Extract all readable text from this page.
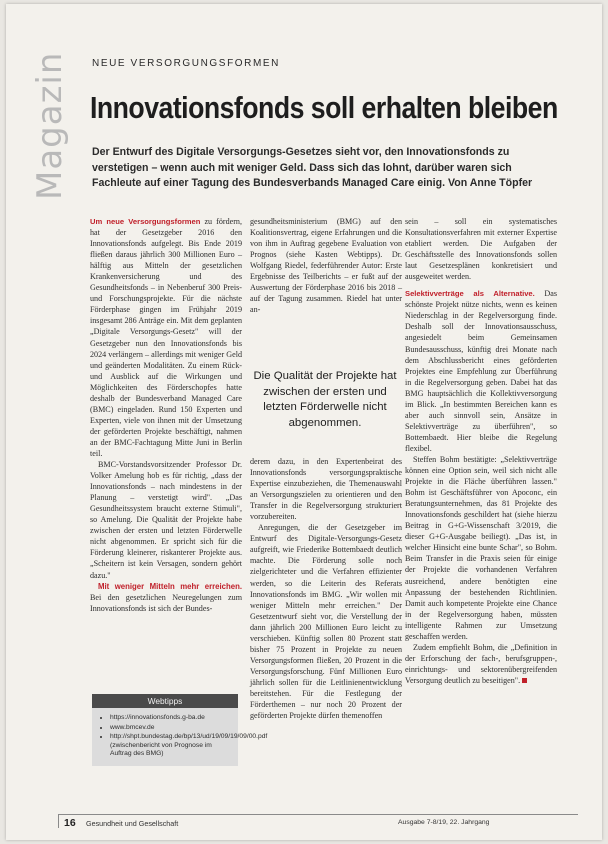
Magazin NEUE VERSORGUNGSFORMEN
Innovationsfonds soll erhalten bleiben
Der Entwurf des Digitale Versorgungs-Gesetzes sieht vor, den Innovationsfonds zu verstetigen – wenn auch mit weniger Geld. Dass sich das lohnt, darüber waren sich Fachleute auf einer Tagung des Bundesverbands Managed Care einig. Von Anne Töpfer

Um neue Versorgungsformen zu fördern, hat der Gesetzgeber 2016 den Innovationsfonds aufgelegt. Bis Ende 2019 fließen daraus jährlich 300 Millionen Euro – hälftig aus Mitteln der gesetzlichen Krankenversicherung und des Gesundheitsfonds – in Nebenberuf 300 Preis- und Forschungsprojekte. Für die nächste Förderphase gingen im Frühjahr 2019 insgesamt 286 Anträge ein. Mit dem geplanten „Digitale Versorgungs-Gesetz" will der Gesetzgeber nun den Innovationsfonds bis 2024 verlängern – allerdings mit weniger Geld und geänderten Modalitäten. Zu einem Rück- und Ausblick auf die Wirkungen und Möglichkeiten des Förderschopfes hatte deshalb der Bundesverband Managed Care (BMC) eingeladen. Rund 150 Experten und Experten, viele von ihnen mit der Umsetzung der geförderten Projekte beschäftigt, nahmen an der BMC-Fachtagung Mitte Juni in Berlin teil.

BMC-Vorstandsvorsitzender Professor Dr. Volker Amelung hob es für richtig, „dass der Innovationsfonds – nach mindestens in der Planung – verstetigt wird". „Das Gesundheitssystem braucht externe Stimuli", so Amelung. Die Qualität der Projekte habe zwischen der ersten und letzten Förderwelle nicht abgenommen. Er spricht sich für die Förderung kleinerer, riskanterer Projekte aus. „Scheitern ist kein Versagen, sondern gehört dazu."

Mit weniger Mitteln mehr erreichen. Bei den gesetzlichen Neuregelungen zum Innovationsfonds ist sich der Bundes-

gesundheitsministerium (BMG) auf den Koalitionsvertrag, eigene Erfahrungen und die von ihm in Auftrag gegebene Evaluation von Prognos (siehe Kasten Webtipps). Dr. Wolfgang Riedel, federführender Autor: Erste Ergebnisse des Teilberichts – er fußt auf der Auswertung der Förderphase 2016 bis 2018 – auf der Tagung zusammen. Riedel hat unter an-

Die Qualität der Projekte hat zwischen der ersten und letzten Förderwelle nicht abgenommen.

derem dazu, in den Expertenbeirat des Innovationsfonds versorgungspraktische Expertise einzubeziehen, die Themenauswahl an Versorgungszielen zu orientieren und den Transfer in die Regelversorgung strukturiert vorzubereiten.

Anregungen, die der Gesetzgeber im Entwurf des Digitale-Versorgungs-Gesetz aufgreift, wie Friederike Bottembaedt deutlich machte. Die Förderung solle noch zielgerichteter und die Verfahren effizienter werden, so die Leiterin des Referats Innovationsfonds im BMG. „Wir wollen mit weniger Mitteln mehr erreichen." Der Gesetzentwurf sieht vor, die Verstellung der dann jährlich 200 Millionen Euro leicht zu verschieben. Künftig sollen 80 Prozent statt bisher 75 Prozent in Projekte zu neuen Versorgungsformen fließen, 20 Prozent in die Versorgungsforschung. Fünf Millionen Euro jährlich sollen für die Leitlinienentwicklung bereitstehen. Für die Festlegung der Förderthemen – nur noch 20 Prozent der geförderten Projekte dürfen themenoffen

sein – soll ein systematisches Konsultationsverfahren mit externer Expertise etabliert werden. Die Aufgaben der Geschäftsstelle des Innovationsfonds sollen laut Gesetzesplänen konkretisiert und ausgeweitet werden.

Selektivverträge als Alternative. Das schönste Projekt nütze nichts, wenn es keinen Niederschlag in der Regelversorgung finde. Deshalb soll der Innovationsausschuss, angesiedelt beim Gemeinsamen Bundesausschuss, künftig drei Monate nach dem Abschlussbericht eines geförderten Projektes eine Empfehlung zur Überführung in die Regelversorgung geben. Dabei hat das BMG hauptsächlich die Kollektivversorgung im Blick. „In bestimmten Bereichen kann es aber auch sinnvoll sein, Ansätze in Selektivverträge zu überführen", so Bottembaedt. Hier bleibe die Regelung flexibel.

Steffen Bohm bestätigte: „Selektivverträge können eine Option sein, weil sich nicht alle Projekte in die Fläche überführen lassen." Bohm ist Geschäftsführer von Apoconc, ein Beratungsunternehmen, das 81 Projekte des Innovationsfonds geschildert hat (siehe hierzu Beitrag in G+G-Wissenschaft 3/2019, die dieser G+G-Ausgabe beiliegt). „Das ist, in welcher Hinsicht eine bunte Schar", so Bohm. Beim Transfer in die Praxis seien für einige der Projekte die vorhandenen Verfahren ausreichend, andere benötigten eine Anpassung der bestehenden Richtlinien. Damit auch kompetente Projekte eine Chance in der Regelversorgung haben, müssten intelligente Rahmen zur Umsetzung geschaffen werden.

Zudem empfiehlt Bohm, die „Definition in der Erforschung der fach-, berufsgruppen-, einrichtungs- und sektorenübergreifenden Versorgung deutlich zu beseitigen".

Webtipps
• https://innovationsfonds.g-ba.de
• www.bmcev.de
• http://shpt.bundestag.de/bp/13/ud/19/09/19/09/00.pdf (zwischenbericht von Prognose im Auftrag des BMG)
16 Gesundheit und Gesellschaft	Ausgabe 7-8/19, 22. Jahrgang
